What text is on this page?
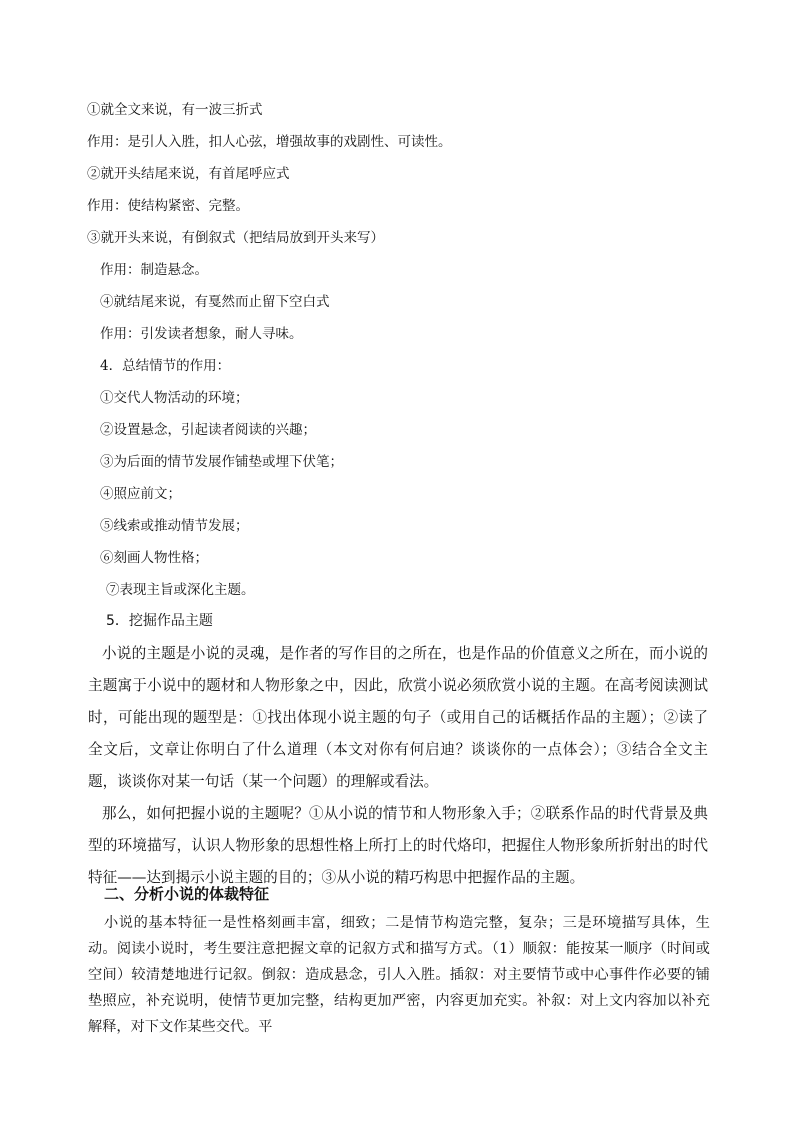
①就全文来说，有一波三折式
作用：是引人入胜，扣人心弦，增强故事的戏剧性、可读性。
②就开头结尾来说，有首尾呼应式
作用：使结构紧密、完整。
③就开头来说，有倒叙式（把结局放到开头来写）
作用：制造悬念。
④就结尾来说，有戛然而止留下空白式
作用：引发读者想象，耐人寻味。
4．总结情节的作用：
①交代人物活动的环境；
②设置悬念，引起读者阅读的兴趣；
③为后面的情节发展作铺垫或埋下伏笔；
④照应前文；
⑤线索或推动情节发展；
⑥刻画人物性格；
⑦表现主旨或深化主题。
5．挖掘作品主题
小说的主题是小说的灵魂，是作者的写作目的之所在，也是作品的价值意义之所在，而小说的主题寓于小说中的题材和人物形象之中，因此，欣赏小说必须欣赏小说的主题。在高考阅读测试时，可能出现的题型是：①找出体现小说主题的句子（或用自己的话概括作品的主题）；②读了全文后，文章让你明白了什么道理（本文对你有何启迪？谈谈你的一点体会）；③结合全文主题，谈谈你对某一句话（某一个问题）的理解或看法。
那么，如何把握小说的主题呢？①从小说的情节和人物形象入手；②联系作品的时代背景及典型的环境描写，认识人物形象的思想性格上所打上的时代烙印，把握住人物形象所折射出的时代特征——达到揭示小说主题的目的；③从小说的精巧构思中把握作品的主题。
二、分析小说的体裁特征
小说的基本特征一是性格刻画丰富，细致；二是情节构造完整，复杂；三是环境描写具体，生动。阅读小说时，考生要注意把握文章的记叙方式和描写方式。（1）顺叙：能按某一顺序（时间或空间）较清楚地进行记叙。倒叙：造成悬念，引人入胜。插叙：对主要情节或中心事件作必要的铺垫照应，补充说明，使情节更加完整，结构更加严密，内容更加充实。补叙：对上文内容加以补充解释，对下文作某些交代。平
